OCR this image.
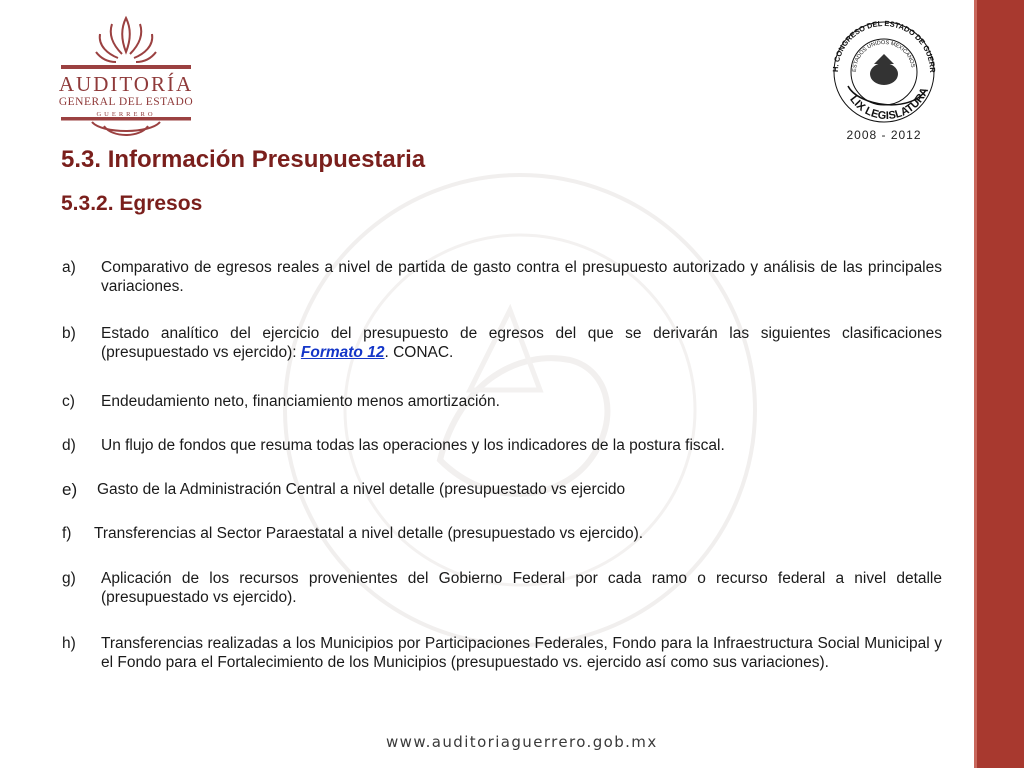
AUDITORÍA
GENERAL DEL ESTADO
GUERRERO
H. CONGRESO DEL ESTADO DE GUERR
ESTADOS UNIDOS MEXICANOS
LIX LEGISLATURA
2008 - 2012
5.3. Información Presupuestaria
5.3.2. Egresos
a) Comparativo de egresos reales a nivel de partida de gasto contra el presupuesto autorizado y análisis de las principales variaciones.
b) Estado analítico del ejercicio del presupuesto de egresos del que se derivarán las siguientes clasificaciones (presupuestado vs ejercido): Formato 12. CONAC.
c) Endeudamiento neto, financiamiento menos amortización.
d) Un flujo de fondos que resuma todas las operaciones y los indicadores de la postura fiscal.
e) Gasto de la Administración Central a nivel detalle (presupuestado vs ejercido
f) Transferencias al Sector Paraestatal a nivel detalle (presupuestado vs ejercido).
g) Aplicación de los recursos provenientes del Gobierno Federal por cada ramo o recurso federal a nivel detalle (presupuestado vs ejercido).
h) Transferencias realizadas a los Municipios por Participaciones Federales, Fondo para la Infraestructura Social Municipal y el Fondo para el Fortalecimiento de los Municipios (presupuestado vs. ejercido así como sus variaciones).
www.auditoriaguerrero.gob.mx
